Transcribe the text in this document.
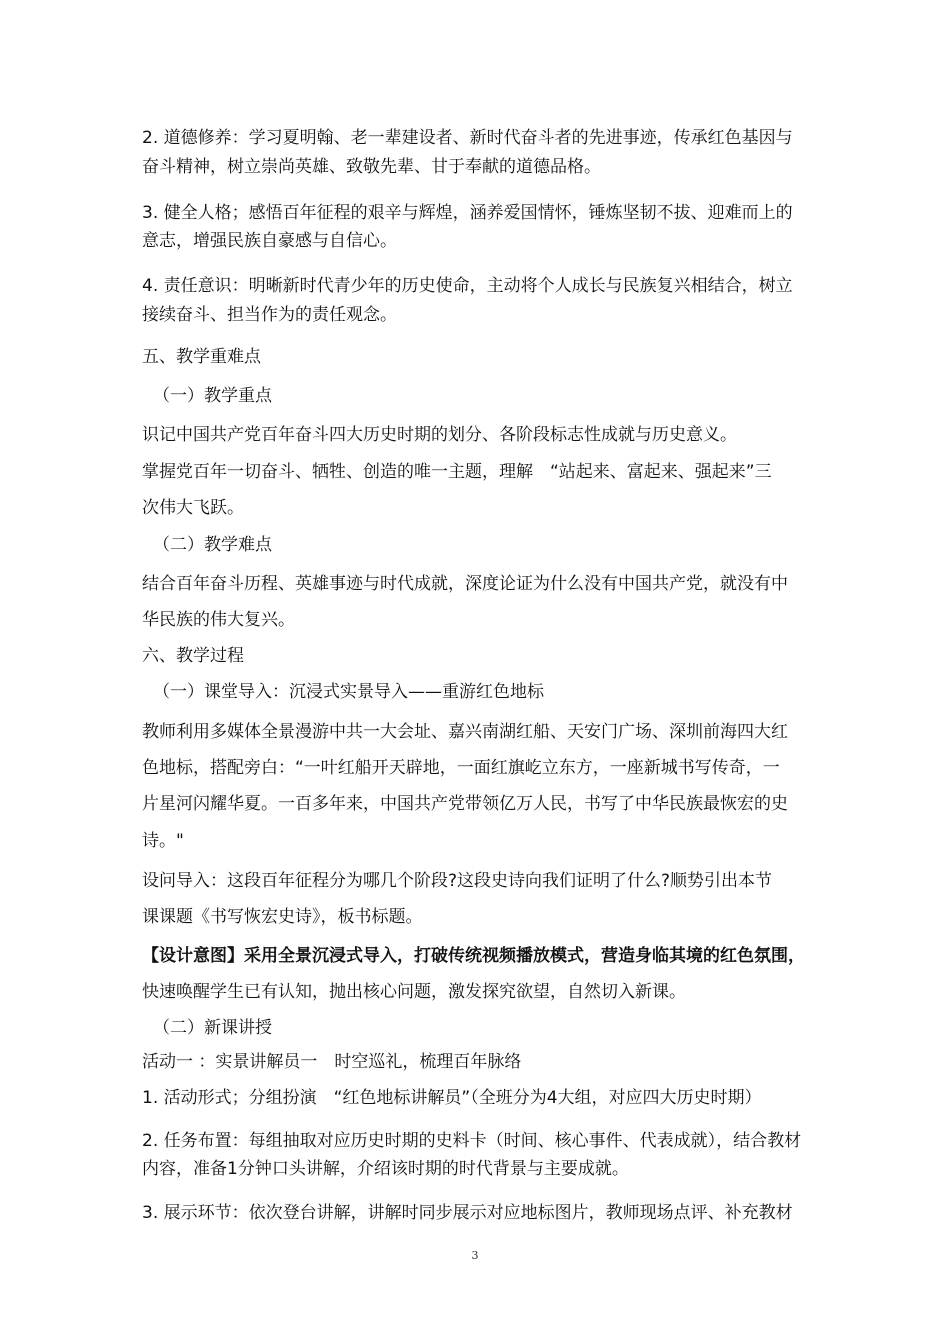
2. 道德修养：学习夏明翰、老一辈建设者、新时代奋斗者的先进事迹，传承红色基因与
奋斗精神，树立崇尚英雄、致敬先辈、甘于奉献的道德品格。
3. 健全人格；感悟百年征程的艰辛与辉煌，涵养爱国情怀，锤炼坚韧不拔、迎难而上的
意志，增强民族自豪感与自信心。
4. 责任意识：明晰新时代青少年的历史使命，主动将个人成长与民族复兴相结合，树立
接续奋斗、担当作为的责任观念。
五、教学重难点
（一）教学重点
识记中国共产党百年奋斗四大历史时期的划分、各阶段标志性成就与历史意义。
掌握党百年一切奋斗、牺牲、创造的唯一主题，理解　“站起来、富起来、强起来”三
次伟大飞跃。
（二）教学难点
结合百年奋斗历程、英雄事迹与时代成就，深度论证为什么没有中国共产党，就没有中
华民族的伟大复兴。
六、教学过程
（一）课堂导入：沉浸式实景导入——重游红色地标
教师利用多媒体全景漫游中共一大会址、嘉兴南湖红船、天安门广场、深圳前海四大红
色地标，搭配旁白：“一叶红船开天辟地，一面红旗屹立东方，一座新城书写传奇，一
片星河闪耀华夏。一百多年来，中国共产党带领亿万人民，书写了中华民族最恢宏的史
诗。"
设问导入：这段百年征程分为哪几个阶段?这段史诗向我们证明了什么?顺势引出本节
课课题《书写恢宏史诗》，板书标题。
【设计意图】采用全景沉浸式导入，打破传统视频播放模式，营造身临其境的红色氛围，
快速唤醒学生已有认知，抛出核心问题，激发探究欲望，自然切入新课。
（二）新课讲授
活动一 ：实景讲解员一　时空巡礼，梳理百年脉络
1. 活动形式；分组扮演　“红色地标讲解员”（全班分为4大组，对应四大历史时期）
2. 任务布置：每组抽取对应历史时期的史料卡（时间、核心事件、代表成就），结合教材
内容，准备1分钟口头讲解，介绍该时期的时代背景与主要成就。
3. 展示环节：依次登台讲解，讲解时同步展示对应地标图片，教师现场点评、补充教材
3
